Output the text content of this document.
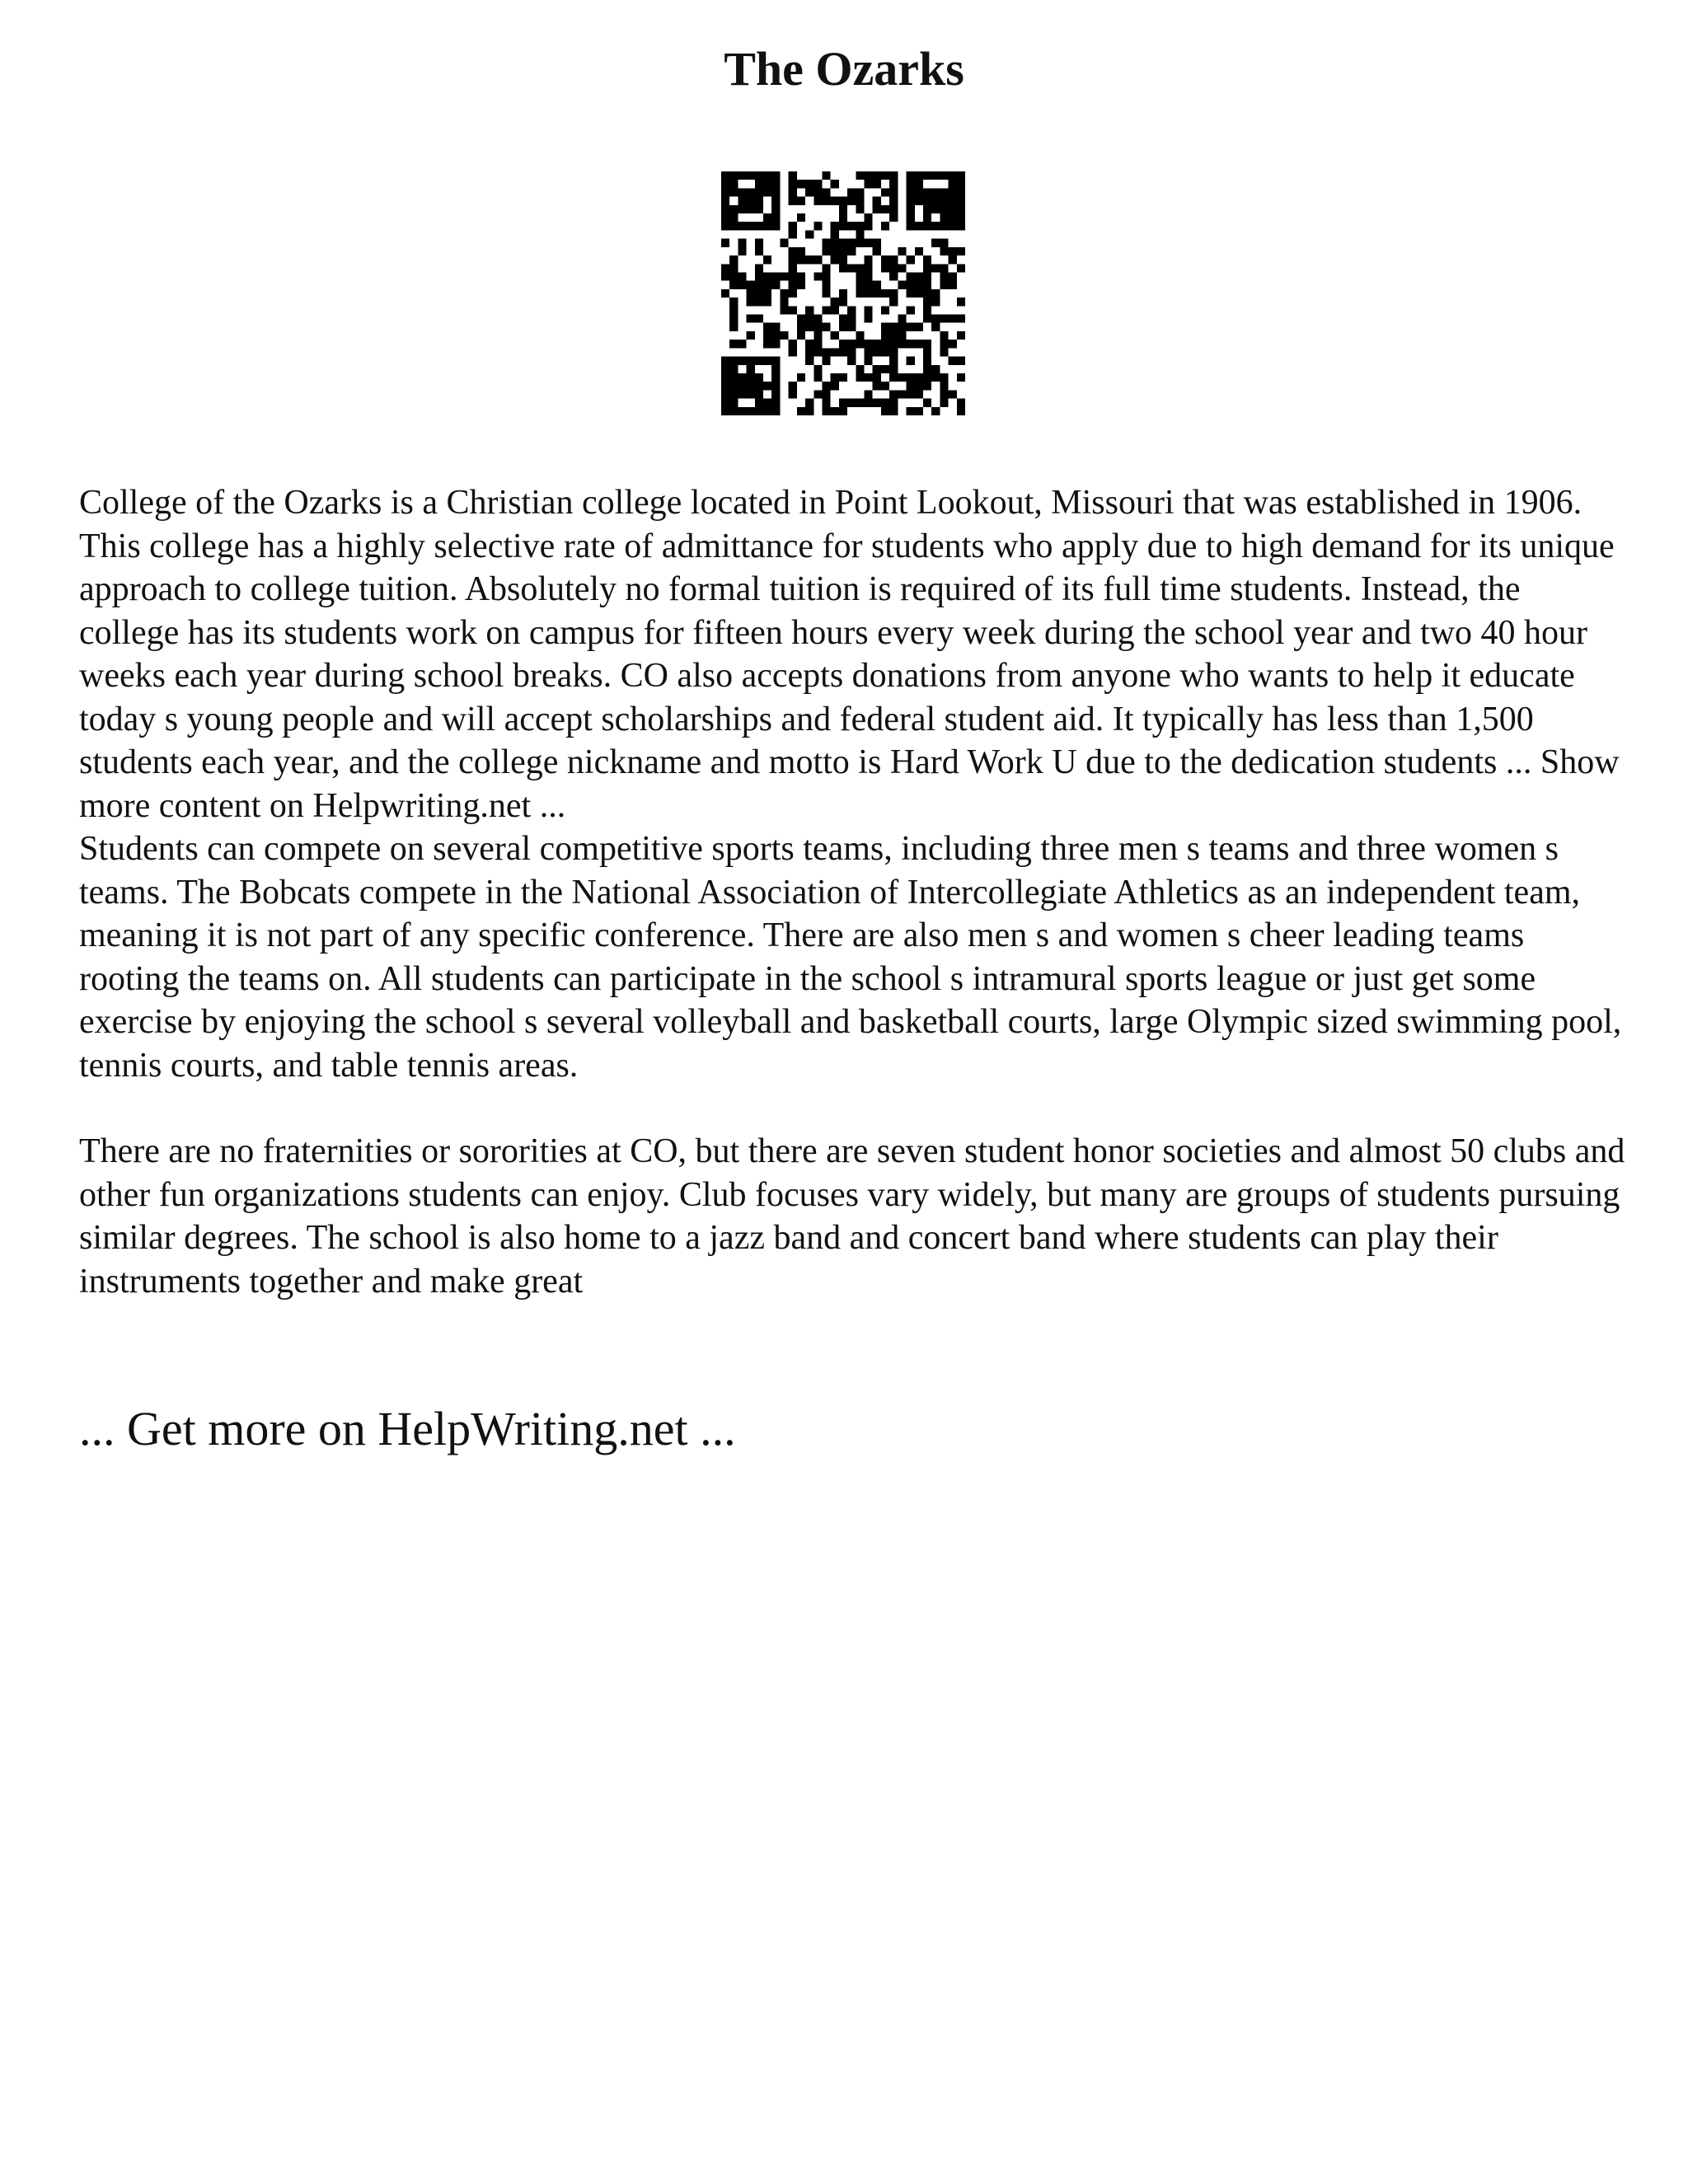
The Ozarks

College of the Ozarks is a Christian college located in Point Lookout, Missouri that was established in 1906. This college has a highly selective rate of admittance for students who apply due to high demand for its unique approach to college tuition. Absolutely no formal tuition is required of its full time students. Instead, the college has its students work on campus for fifteen hours every week during the school year and two 40 hour weeks each year during school breaks. CO also accepts donations from anyone who wants to help it educate today s young people and will accept scholarships and federal student aid. It typically has less than 1,500 students each year, and the college nickname and motto is Hard Work U due to the dedication students ... Show more content on Helpwriting.net ...

Students can compete on several competitive sports teams, including three men s teams and three women s teams. The Bobcats compete in the National Association of Intercollegiate Athletics as an independent team, meaning it is not part of any specific conference. There are also men s and women s cheer leading teams rooting the teams on. All students can participate in the school s intramural sports league or just get some exercise by enjoying the school s several volleyball and basketball courts, large Olympic sized swimming pool, tennis courts, and table tennis areas.

There are no fraternities or sororities at CO, but there are seven student honor societies and almost 50 clubs and other fun organizations students can enjoy. Club focuses vary widely, but many are groups of students pursuing similar degrees. The school is also home to a jazz band and concert band where students can play their instruments together and make great

... Get more on HelpWriting.net ...
